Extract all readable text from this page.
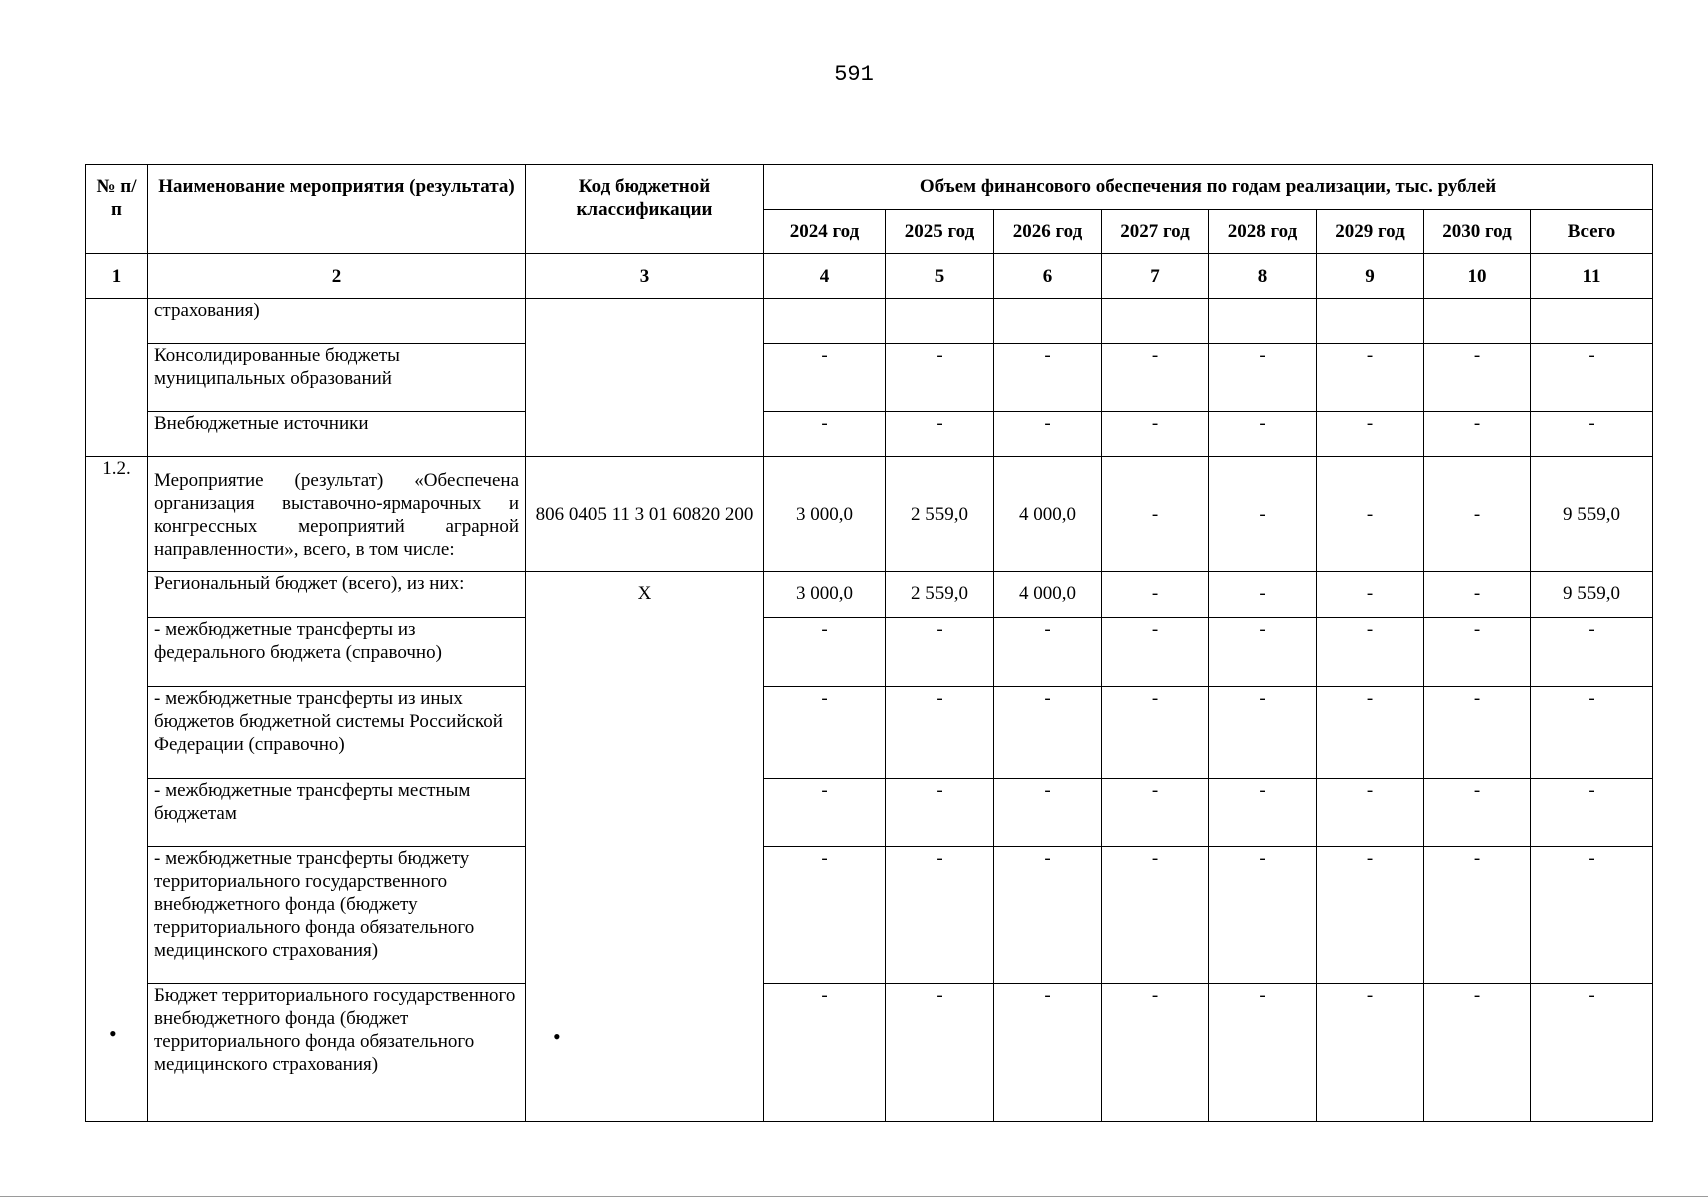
591
№ п/п	Наименование мероприятия (результата)	Код бюджетной классификации	Объем финансового обеспечения по годам реализации, тыс. рублей							
			2024 год	2025 год	2026 год	2027 год	2028 год	2029 год	2030 год	Всего
1	2	3	4	5	6	7	8	9	10	11
	страхования)									
	Консолидированные бюджеты муниципальных образований		-	-	-	-	-	-	-	-
	Внебюджетные источники		-	-	-	-	-	-	-	-
1.2.	Мероприятие (результат) «Обеспечена организация выставочно-ярмарочных и конгрессных мероприятий аграрной направленности», всего, в том числе:	806 0405 11 3 01 60820 200	3 000,0	2 559,0	4 000,0	-	-	-	-	9 559,0
	Региональный бюджет (всего), из них:	Х	3 000,0	2 559,0	4 000,0	-	-	-	-	9 559,0
	- межбюджетные трансферты из федерального бюджета (справочно)		-	-	-	-	-	-	-	-
	- межбюджетные трансферты из иных бюджетов бюджетной системы Российской Федерации (справочно)		-	-	-	-	-	-	-	-
	- межбюджетные трансферты местным бюджетам		-	-	-	-	-	-	-	-
	- межбюджетные трансферты бюджету территориального государственного внебюджетного фонда (бюджету территориального фонда обязательного медицинского страхования)		-	-	-	-	-	-	-	-
	Бюджет территориального государственного внебюджетного фонда (бюджет территориального фонда обязательного медицинского страхования)		-	-	-	-	-	-	-	-
•	•
